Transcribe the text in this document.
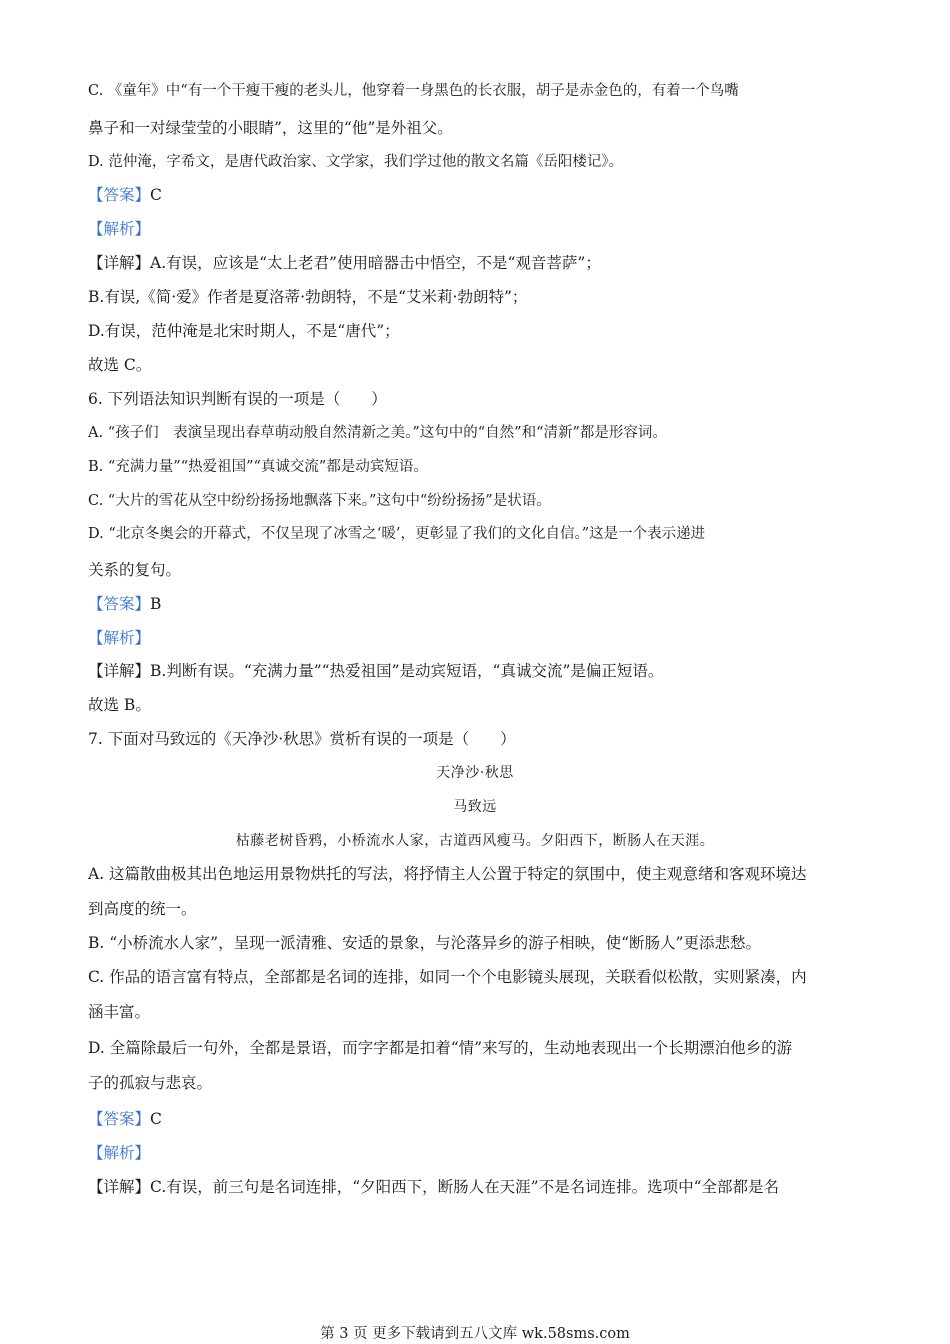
C. 《童年》中“有一个干瘦干瘦的老头儿，他穿着一身黑色的长衣服，胡子是赤金色的，有着一个鸟嘴
鼻子和一对绿莹莹的小眼睛”，这里的“他”是外祖父。
D. 范仲淹，字希文，是唐代政治家、文学家，我们学过他的散文名篇《岳阳楼记》。
【答案】C
【解析】
【详解】A.有误，应该是“太上老君”使用暗器击中悟空，不是“观音菩萨”；
B.有误,《简·爱》作者是夏洛蒂·勃朗特，不是“艾米莉·勃朗特”；
D.有误，范仲淹是北宋时期人，不是“唐代”；
故选 C。
6. 下列语法知识判断有误的一项是（　　）
A. “孩子们　表演呈现出春草萌动般自然清新之美。”这句中的“自然”和“清新”都是形容词。
B. “充满力量”“热爱祖国”“真诚交流”都是动宾短语。
C. “大片的雪花从空中纷纷扬扬地飘落下来。”这句中“纷纷扬扬”是状语。
D. “北京冬奥会的开幕式，不仅呈现了冰雪之‘暖’，更彰显了我们的文化自信。”这是一个表示递进
关系的复句。
【答案】B
【解析】
【详解】B.判断有误。“充满力量”“热爱祖国”是动宾短语，“真诚交流”是偏正短语。
故选 B。
7. 下面对马致远的《天净沙·秋思》赏析有误的一项是（　　）
天净沙·秋思
马致远
枯藤老树昏鸦，小桥流水人家，古道西风瘦马。夕阳西下，断肠人在天涯。
A. 这篇散曲极其出色地运用景物烘托的写法，将抒情主人公置于特定的氛围中，使主观意绪和客观环境达
到高度的统一。
B. “小桥流水人家”，呈现一派清雅、安适的景象，与沦落异乡的游子相映，使“断肠人”更添悲愁。
C. 作品的语言富有特点，全部都是名词的连排，如同一个个电影镜头展现，关联看似松散，实则紧凑，内
涵丰富。
D. 全篇除最后一句外，全都是景语，而字字都是扣着“情”来写的，生动地表现出一个长期漂泊他乡的游
子的孤寂与悲哀。
【答案】C
【解析】
【详解】C.有误，前三句是名词连排，“夕阳西下，断肠人在天涯”不是名词连排。选项中“全部都是名
第 3 页 更多下载请到五八文库 wk.58sms.com
